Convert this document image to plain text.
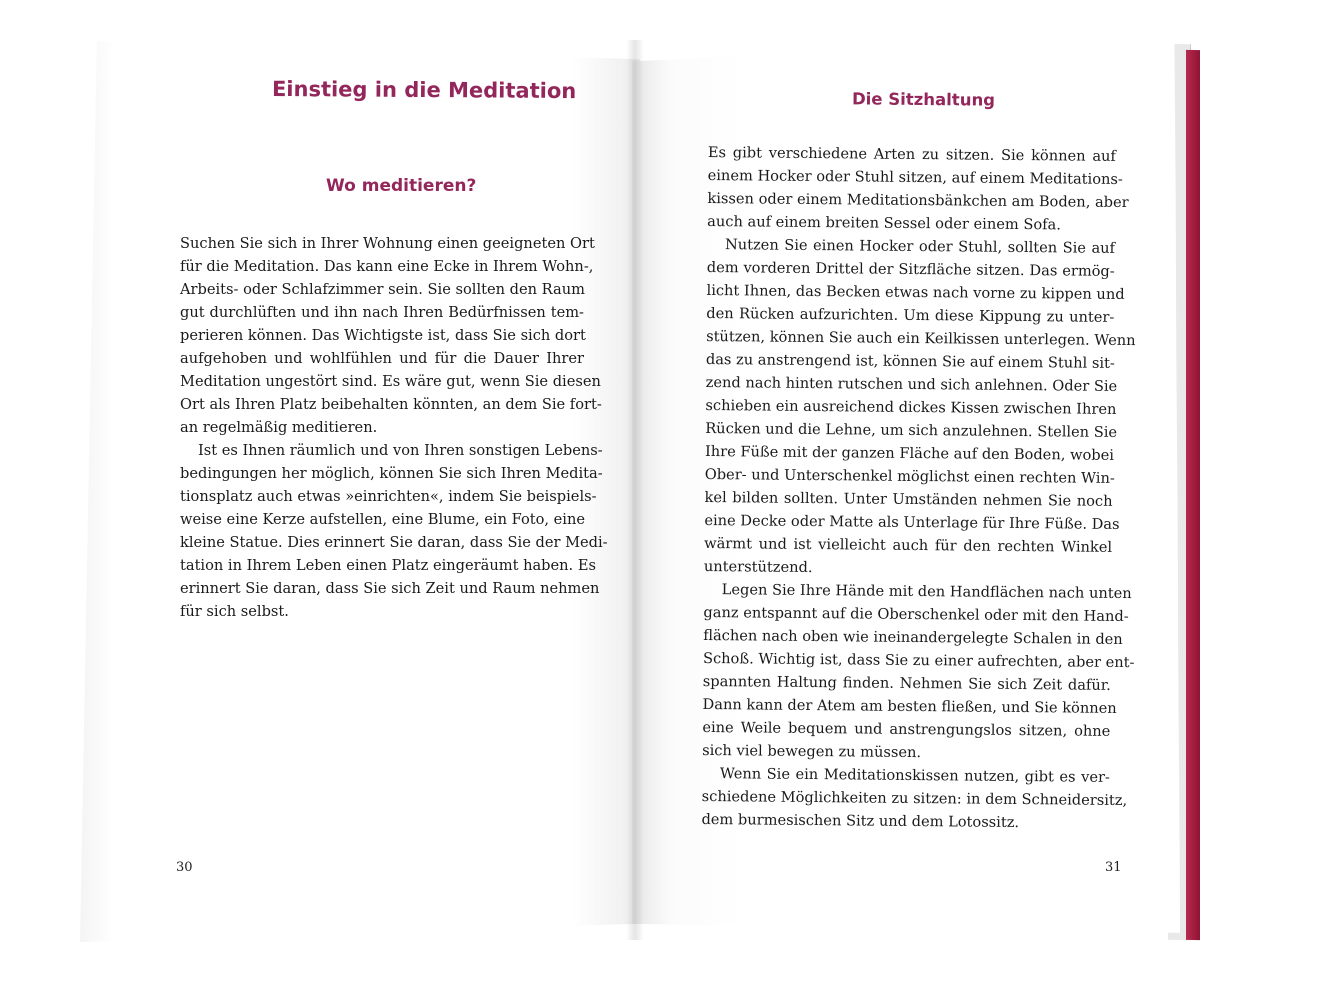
Einstieg in die Meditation
Wo meditieren?
Die Sitzhaltung
Suchen Sie sich in Ihrer Wohnung einen geeigneten Ort
für die Meditation. Das kann eine Ecke in Ihrem Wohn-,
Arbeits- oder Schlafzimmer sein. Sie sollten den Raum
gut durchlüften und ihn nach Ihren Bedürfnissen tem-
perieren können. Das Wichtigste ist, dass Sie sich dort
aufgehoben und wohlfühlen und für die Dauer Ihrer
Meditation ungestört sind. Es wäre gut, wenn Sie diesen
Ort als Ihren Platz beibehalten könnten, an dem Sie fort-
an regelmäßig meditieren.
Ist es Ihnen räumlich und von Ihren sonstigen Lebens-
bedingungen her möglich, können Sie sich Ihren Medita-
tionsplatz auch etwas »einrichten«, indem Sie beispiels-
weise eine Kerze aufstellen, eine Blume, ein Foto, eine
kleine Statue. Dies erinnert Sie daran, dass Sie der Medi-
tation in Ihrem Leben einen Platz eingeräumt haben. Es
erinnert Sie daran, dass Sie sich Zeit und Raum nehmen
für sich selbst.
Es gibt verschiedene Arten zu sitzen. Sie können auf
einem Hocker oder Stuhl sitzen, auf einem Meditations-
kissen oder einem Meditationsbänkchen am Boden, aber
auch auf einem breiten Sessel oder einem Sofa.
Nutzen Sie einen Hocker oder Stuhl, sollten Sie auf
dem vorderen Drittel der Sitzfläche sitzen. Das ermög-
licht Ihnen, das Becken etwas nach vorne zu kippen und
den Rücken aufzurichten. Um diese Kippung zu unter-
stützen, können Sie auch ein Keilkissen unterlegen. Wenn
das zu anstrengend ist, können Sie auf einem Stuhl sit-
zend nach hinten rutschen und sich anlehnen. Oder Sie
schieben ein ausreichend dickes Kissen zwischen Ihren
Rücken und die Lehne, um sich anzulehnen. Stellen Sie
Ihre Füße mit der ganzen Fläche auf den Boden, wobei
Ober- und Unterschenkel möglichst einen rechten Win-
kel bilden sollten. Unter Umständen nehmen Sie noch
eine Decke oder Matte als Unterlage für Ihre Füße. Das
wärmt und ist vielleicht auch für den rechten Winkel
unterstützend.
Legen Sie Ihre Hände mit den Handflächen nach unten
ganz entspannt auf die Oberschenkel oder mit den Hand-
flächen nach oben wie ineinandergelegte Schalen in den
Schoß. Wichtig ist, dass Sie zu einer aufrechten, aber ent-
spannten Haltung finden. Nehmen Sie sich Zeit dafür.
Dann kann der Atem am besten fließen, und Sie können
eine Weile bequem und anstrengungslos sitzen, ohne
sich viel bewegen zu müssen.
Wenn Sie ein Meditationskissen nutzen, gibt es ver-
schiedene Möglichkeiten zu sitzen: in dem Schneidersitz,
dem burmesischen Sitz und dem Lotossitz.
30	31
